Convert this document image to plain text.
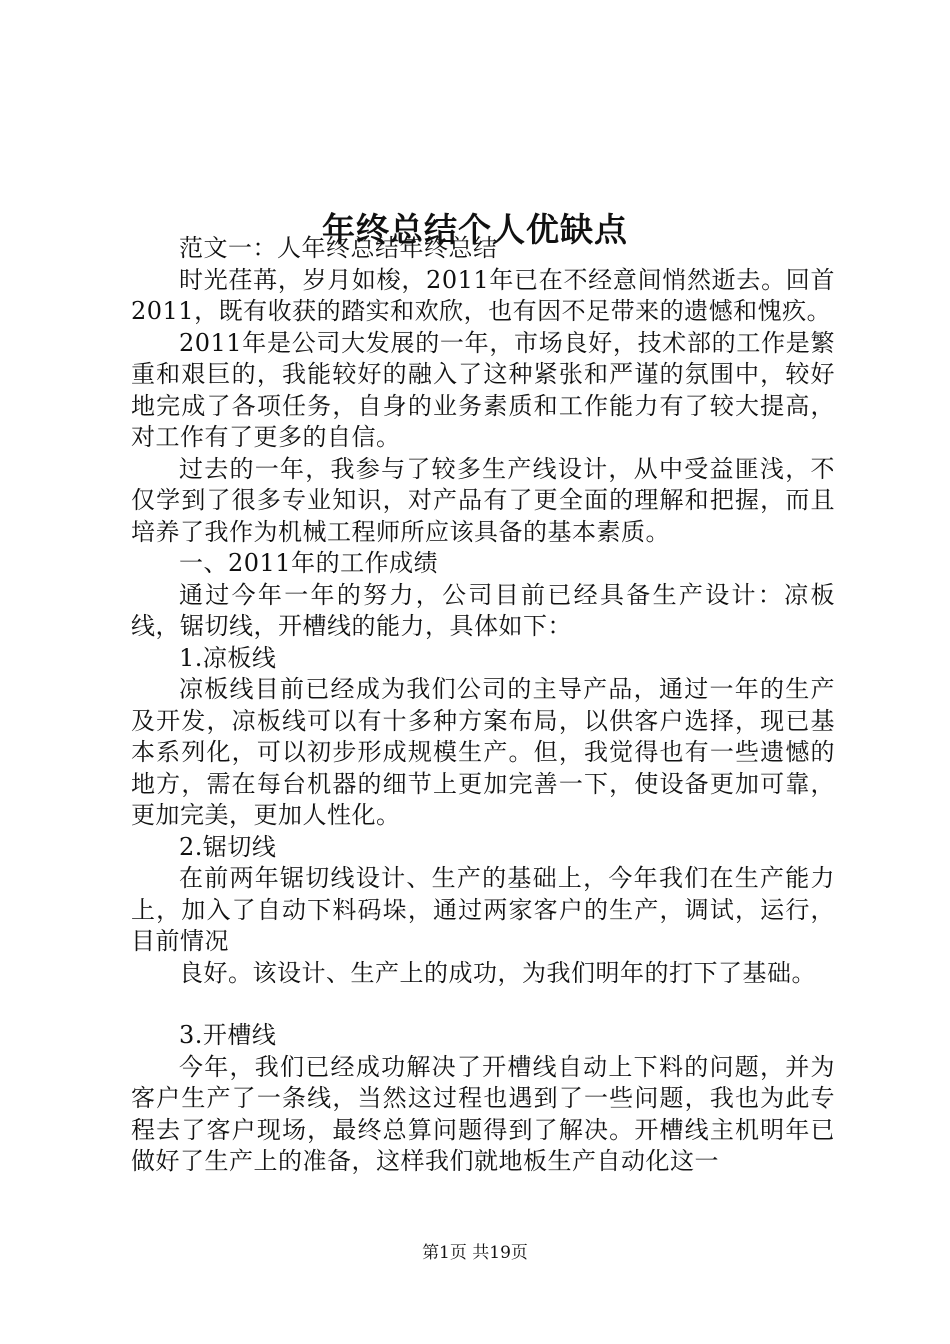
年终总结个人优缺点

范文一：人年终总结年终总结

时光荏苒，岁月如梭，2011年已在不经意间悄然逝去。回首2011，既有收获的踏实和欢欣，也有因不足带来的遗憾和愧疚。

2011年是公司大发展的一年，市场良好，技术部的工作是繁重和艰巨的，我能较好的融入了这种紧张和严谨的氛围中，较好地完成了各项任务，自身的业务素质和工作能力有了较大提高，对工作有了更多的自信。

过去的一年，我参与了较多生产线设计，从中受益匪浅，不仅学到了很多专业知识，对产品有了更全面的理解和把握，而且培养了我作为机械工程师所应该具备的基本素质。

一、2011年的工作成绩

通过今年一年的努力，公司目前已经具备生产设计：凉板线，锯切线，开槽线的能力，具体如下：

1.凉板线

凉板线目前已经成为我们公司的主导产品，通过一年的生产及开发，凉板线可以有十多种方案布局，以供客户选择，现已基本系列化，可以初步形成规模生产。但，我觉得也有一些遗憾的地方，需在每台机器的细节上更加完善一下，使设备更加可靠，更加完美，更加人性化。

2.锯切线

在前两年锯切线设计、生产的基础上，今年我们在生产能力上，加入了自动下料码垛，通过两家客户的生产，调试，运行，目前情况

良好。该设计、生产上的成功，为我们明年的打下了基础。

3.开槽线

今年，我们已经成功解决了开槽线自动上下料的问题，并为客户生产了一条线，当然这过程也遇到了一些问题，我也为此专程去了客户现场，最终总算问题得到了解决。开槽线主机明年已做好了生产上的准备，这样我们就地板生产自动化这一

第1页 共19页
